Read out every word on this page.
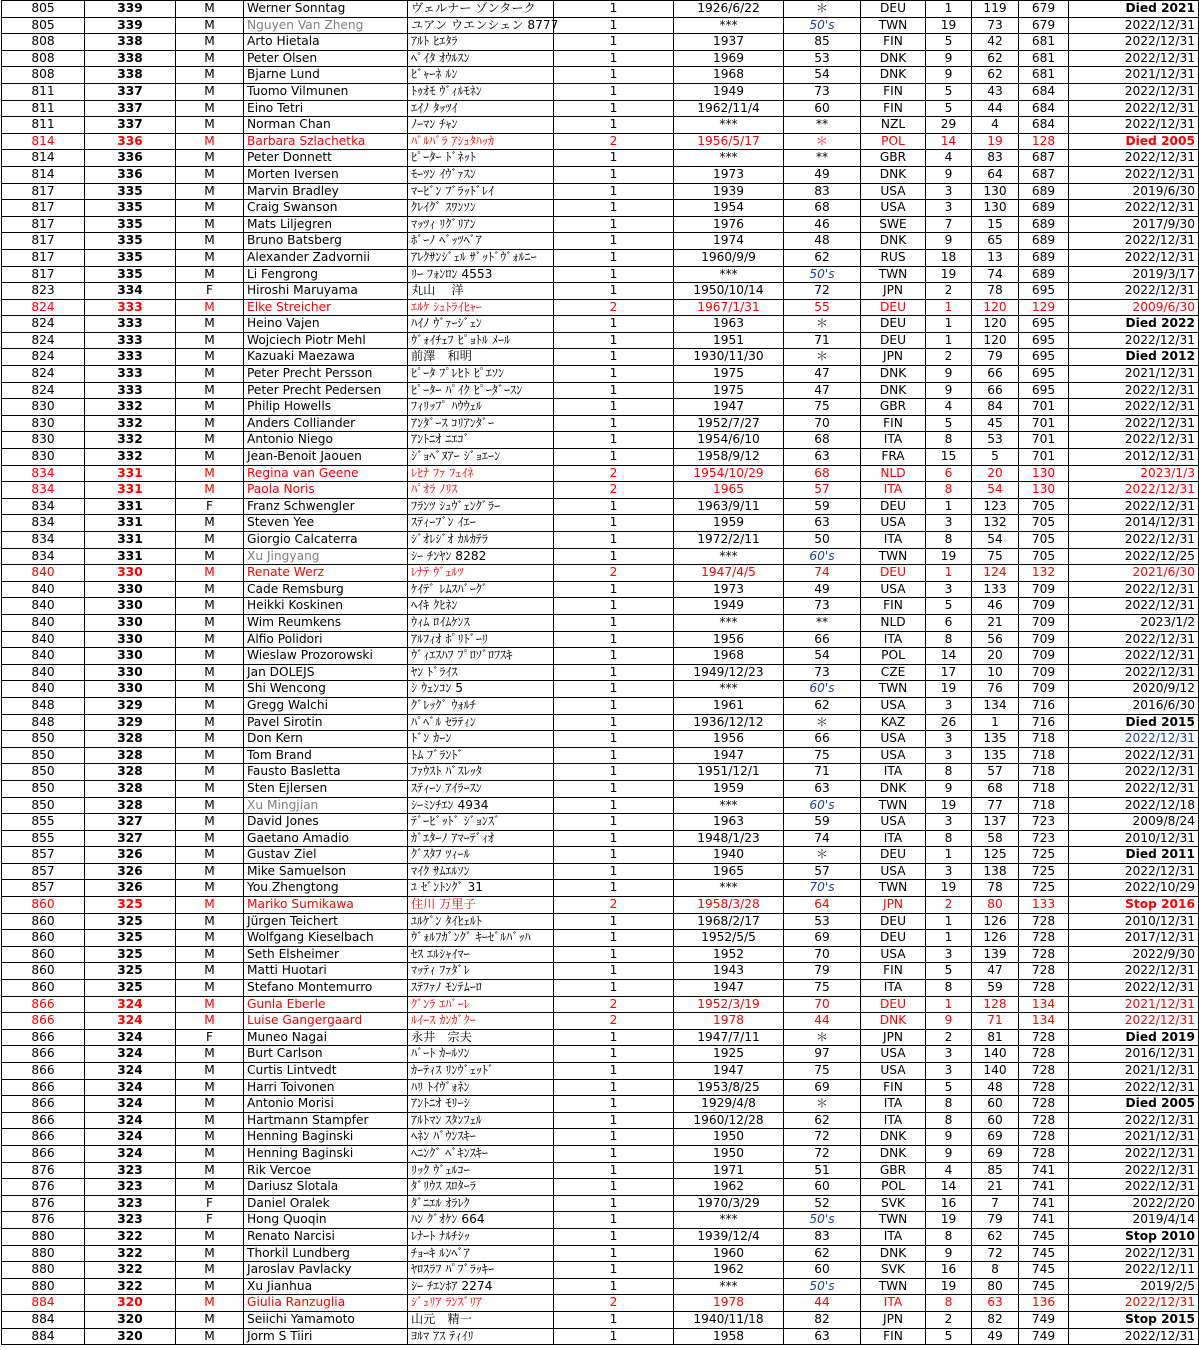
805	339	M	Werner Sonntag	ヴェルナー ゾンターク	1	1926/6/22	＊	DEU	1	119	679	Died 2021
805	339	M	Nguyen Van Zheng	ユアン ウエンシェン 8777	1	***	50's	TWN	19	73	679	2022/12/31
808	338	M	Arto Hietala	ｱﾙﾄ ﾋｴﾀﾗ	1	1937	85	FIN	5	42	681	2022/12/31
808	338	M	Peter Olsen	ﾍﾟｲﾀ ｵｳﾙｽﾝ	1	1969	53	DNK	9	62	681	2022/12/31
808	338	M	Bjarne Lund	ﾋﾞｬｰﾈ ﾙﾝ	1	1968	54	DNK	9	62	681	2021/12/31
811	337	M	Tuomo Vilmunen	ﾄｩｵﾓ ｳﾞｨﾙﾓﾈﾝ	1	1949	73	FIN	5	43	684	2022/12/31
811	337	M	Eino Tetri	ｴｲﾉ ﾀｯﾂｲ	1	1962/11/4	60	FIN	5	44	684	2022/12/31
811	337	M	Norman Chan	ﾉｰﾏﾝ ﾁｬﾝ	1	***	**	NZL	29	4	684	2022/12/31
814	336	M	Barbara Szlachetka	ﾊﾞﾙﾊﾞﾗ ｱｼｭﾀﾊｯｶ	2	1956/5/17	＊	POL	14	19	128	Died 2005
814	336	M	Peter Donnett	ﾋﾟｰﾀｰ ﾄﾞﾈｯﾄ	1	***	**	GBR	4	83	687	2022/12/31
814	336	M	Morten Iversen	ﾓｰﾂﾝ ｲｳﾞｧｽﾝ	1	1973	49	DNK	9	64	687	2022/12/31
817	335	M	Marvin Bradley	ﾏｰﾋﾞﾝ ﾌﾞﾗｯﾄﾞﾚｲ	1	1939	83	USA	3	130	689	2019/6/30
817	335	M	Craig Swanson	ｸﾚｲｸﾞ ｽﾜﾝｿﾝ	1	1954	68	USA	3	130	689	2022/12/31
817	335	M	Mats Liljegren	ﾏｯﾂｨ ﾘｸﾞﾘｱﾝ	1	1976	46	SWE	7	15	689	2017/9/30
817	335	M	Bruno Batsberg	ﾎﾞｰﾉ ﾍﾞｯﾂﾍﾞｱ	1	1974	48	DNK	9	65	689	2022/12/31
817	335	M	Alexander Zadvornii	ｱﾚｸｻﾝｼﾞｪﾙ ｻﾞｯﾄﾞｳﾞｫﾙﾆｰ	1	1960/9/9	62	RUS	18	13	689	2022/12/31
817	335	M	Li Fengrong	ﾘｰ ﾌｫﾝﾛﾝ 4553	1	***	50's	TWN	19	74	689	2019/3/17
823	334	F	Hiroshi Maruyama	丸山　 洋	1	1950/10/14	72	JPN	2	78	695	2022/12/31
824	333	M	Elke Streicher	ｴﾙｹ ｼｭﾄﾗｲﾋｬｰ	2	1967/1/31	55	DEU	1	120	129	2009/6/30
824	333	M	Heino Vajen	ﾊｲﾉ ｳﾞｧｰｼﾞｪﾝ	1	1963	＊	DEU	1	120	695	Died 2022
824	333	M	Wojciech Piotr Mehl	ｳﾞｫｲﾁｪﾌ ﾋﾟｮﾄﾙ ﾒｰﾙ	1	1951	71	DEU	1	120	695	2022/12/31
824	333	M	Kazuaki Maezawa	前澤　和明	1	1930/11/30	＊	JPN	2	79	695	Died 2012
824	333	M	Peter Precht Persson	ﾋﾟｰﾀ ﾌﾟﾚﾋﾄ ﾋﾟｴｿﾝ	1	1975	47	DNK	9	66	695	2021/12/31
824	333	M	Peter Precht Pedersen	ﾋﾟｰﾀｰ ﾊﾟｲｸ ﾋﾟｰﾀﾞｰｽﾝ	1	1975	47	DNK	9	66	695	2022/12/31
830	332	M	Philip Howells	ﾌｨﾘｯﾌﾟ ﾊｳｳｪﾙ	1	1947	75	GBR	4	84	701	2022/12/31
830	332	M	Anders Colliander	ｱﾝﾀﾞｰｽ ｺﾘｱﾝﾀﾞｰ	1	1952/7/27	70	FIN	5	45	701	2022/12/31
830	332	M	Antonio Niego	ｱﾝﾄﾆｵ ﾆｴｺﾞ	1	1954/6/10	68	ITA	8	53	701	2022/12/31
830	332	M	Jean-Benoit Jaouen	ｼﾞｮﾍﾞﾇｱｰ ｼﾞｮｴｰﾝ	1	1958/9/12	63	FRA	15	5	701	2012/12/31
834	331	M	Regina van Geene	ﾚﾋﾅ ﾌｧ ﾌｪｲﾈ	2	1954/10/29	68	NLD	6	20	130	2023/1/3
834	331	M	Paola Noris	ﾊﾟｵﾗ ﾉﾘｽ	2	1965	57	ITA	8	54	130	2022/12/31
834	331	F	Franz Schwengler	ﾌﾗﾝﾂ ｼｭｳﾞｪﾝｸﾞﾗｰ	1	1963/9/11	59	DEU	1	123	705	2022/12/31
834	331	M	Steven Yee	ｽﾃｨｰﾌﾞﾝ ｲｴｰ	1	1959	63	USA	3	132	705	2014/12/31
834	331	M	Giorgio Calcaterra	ｼﾞｵﾚｼﾞｵ ｶﾙｶﾃﾗ	1	1972/2/11	50	ITA	8	54	705	2022/12/31
834	331	M	Xu Jingyang	ｼｰ ﾁﾝﾔﾝ 8282	1	***	60's	TWN	19	75	705	2022/12/25
840	330	M	Renate Werz	ﾚﾅﾃ ｳﾞｪﾙﾂ	2	1947/4/5	74	DEU	1	124	132	2021/6/30
840	330	M	Cade Remsburg	ｹｲﾃﾞ ﾚﾑｽﾊﾞｰｸﾞ	1	1973	49	USA	3	133	709	2022/12/31
840	330	M	Heikki Koskinen	ﾍｲｷ ｸﾋﾈﾝ	1	1949	73	FIN	5	46	709	2022/12/31
840	330	M	Wim Reumkens	ｳｨﾑ ﾛｲﾑｹﾝｽ	1	***	**	NLD	6	21	709	2023/1/2
840	330	M	Alfio Polidori	ｱﾙﾌｨｵ ﾎﾟﾘﾄﾞｰﾘ	1	1956	66	ITA	8	56	709	2022/12/31
840	330	M	Wieslaw Prozorowski	ｳﾞｨｴｽﾊﾌ ﾌﾟﾛｿﾞﾛﾌｽｷ	1	1968	54	POL	14	20	709	2022/12/31
840	330	M	Jan DOLEJS	ﾔﾝ ﾄﾞﾗｲｽ	1	1949/12/23	73	CZE	17	10	709	2022/12/31
840	330	M	Shi Wencong	ｼ ｳｪﾝｺﾝ 5	1	***	60's	TWN	19	76	709	2020/9/12
848	329	M	Gregg Walchi	ｸﾞﾚｯｸﾞ ｳｫﾙﾁ	1	1961	62	USA	3	134	716	2016/6/30
848	329	M	Pavel Sirotin	ﾊﾟﾍﾞﾙ ｾﾗﾃｨﾝ	1	1936/12/12	＊	KAZ	26	1	716	Died 2015
850	328	M	Don Kern	ﾄﾞﾝ ｶｰﾝ	1	1956	66	USA	3	135	718	2022/12/31
850	328	M	Tom Brand	ﾄﾑ ﾌﾞﾗﾝﾄﾞ	1	1947	75	USA	3	135	718	2022/12/31
850	328	M	Fausto Basletta	ﾌｧｳｽﾄ ﾊﾞｽﾚｯﾀ	1	1951/12/1	71	ITA	8	57	718	2022/12/31
850	328	M	Sten Ejlersen	ｽﾃｨｰﾝ ｱｲﾗｰｽﾝ	1	1959	63	DNK	9	68	718	2022/12/31
850	328	M	Xu Mingjian	ｼｰﾐﾝﾁｴﾝ 4934	1	***	60's	TWN	19	77	718	2022/12/18
855	327	M	David Jones	ﾃﾞｰﾋﾞｯﾄﾞ ｼﾞｮﾝｽﾞ	1	1963	59	USA	3	137	723	2009/8/24
855	327	M	Gaetano Amadio	ｶﾞｴﾀｰﾉ ｱﾏｰﾃﾞｨｵ	1	1948/1/23	74	ITA	8	58	723	2010/12/31
857	326	M	Gustav Ziel	ｸﾞｽﾀﾌ ﾂｨｰﾙ	1	1940	＊	DEU	1	125	725	Died 2011
857	326	M	Mike Samuelson	ﾏｲｸ ｻﾑｴﾙｿﾝ	1	1965	57	USA	3	138	725	2022/12/31
857	326	M	You Zhengtong	ﾕ ｾﾞﾝﾄﾝｸﾞ 31	1	***	70's	TWN	19	78	725	2022/10/29
860	325	M	Mariko Sumikawa	住川 万里子	2	1958/3/28	64	JPN	2	80	133	Stop 2016
860	325	M	Jürgen Teichert	ﾕﾙｹﾞﾝ ﾀｲﾋｪﾙﾄ	1	1968/2/17	53	DEU	1	126	728	2010/12/31
860	325	M	Wolfgang Kieselbach	ｳﾞｫﾙﾌｶﾞﾝｸﾞ ｷｰｾﾞﾙﾊﾞｯﾊ	1	1952/5/5	69	DEU	1	126	728	2017/12/31
860	325	M	Seth Elsheimer	ｾｽ ｴﾙｼｬｲﾏｰ	1	1952	70	USA	3	139	728	2022/9/30
860	325	M	Matti Huotari	ﾏｯﾃｨ ﾌｧﾀﾞﾚ	1	1943	79	FIN	5	47	728	2022/12/31
860	325	M	Stefano Montemurro	ｽﾃﾌｧﾉ ﾓﾝﾃﾑｰﾛ	1	1947	75	ITA	8	59	728	2022/12/31
866	324	M	Gunla Eberle	ｸﾞﾝﾗ ｴﾊﾞｰﾚ	2	1952/3/19	70	DEU	1	128	134	2021/12/31
866	324	M	Luise Gangergaard	ﾙｲｰｽ ｶﾝｶﾞｸｰ	2	1978	44	DNK	9	71	134	2022/12/31
866	324	F	Muneo Nagai	永井　宗夫	1	1947/7/11	＊	JPN	2	81	728	Died 2019
866	324	M	Burt Carlson	ﾊﾞｰﾄ ｶｰﾙｿﾝ	1	1925	97	USA	3	140	728	2016/12/31
866	324	M	Curtis Lintvedt	ｶｰﾃｨｽ ﾘﾝｳﾞｪｯﾄﾞ	1	1947	75	USA	3	140	728	2021/12/31
866	324	M	Harri Toivonen	ﾊﾘ ﾄｲｳﾞｫﾈﾝ	1	1953/8/25	69	FIN	5	48	728	2022/12/31
866	324	M	Antonio Morisi	ｱﾝﾄﾆｵ ﾓﾘｰｼ	1	1929/4/8	＊	ITA	8	60	728	Died 2005
866	324	M	Hartmann Stampfer	ｱﾙﾄﾏﾝ ｽﾀﾝﾌｪﾙ	1	1960/12/28	62	ITA	8	60	728	2022/12/31
866	324	M	Henning Baginski	ﾍﾈﾝ ﾊﾞｳﾝｽｷｰ	1	1950	72	DNK	9	69	728	2021/12/31
866	324	M	Henning Baginski	ﾍﾆﾝｸﾞ ﾍﾞｷﾝｽｷｰ	1	1950	72	DNK	9	69	728	2022/12/31
876	323	M	Rik Vercoe	ﾘｯｸ ｳﾞｪﾙｺｰ	1	1971	51	GBR	4	85	741	2022/12/31
876	323	M	Dariusz Slotala	ﾀﾞﾘｳｽ ｽﾛﾀｰﾗ	1	1962	60	POL	14	21	741	2022/12/31
876	323	F	Daniel Oralek	ﾀﾞﾆｴﾙ ｵﾗﾚｸ	1	1970/3/29	52	SVK	16	7	741	2022/2/20
876	323	F	Hong Quoqin	ﾊﾝ ｸﾞｵｹﾝ 664	1	***	50's	TWN	19	79	741	2019/4/14
880	322	M	Renato Narcisi	ﾚﾅｰﾄ ﾅﾙﾁｼｯ	1	1939/12/4	83	ITA	8	62	745	Stop 2010
880	322	M	Thorkil Lundberg	ﾁｮｰｷ ﾙﾝﾍﾞｱ	1	1960	62	DNK	9	72	745	2022/12/31
880	322	M	Jaroslav Pavlacky	ﾔﾛｽﾗﾌ ﾊﾟﾌﾞﾗｯｷｰ	1	1962	60	SVK	16	8	745	2022/12/11
880	322	M	Xu Jianhua	ｼｰ ﾁｴﾝﾎｱ 2274	1	***	50's	TWN	19	80	745	2019/2/5
884	320	M	Giulia Ranzuglia	ｼﾞｭﾘｱ ﾗﾝｽﾞﾘｱ	2	1978	44	ITA	8	63	136	2022/12/31
884	320	M	Seiichi Yamamoto	山元　精一	1	1940/11/18	82	JPN	2	82	749	Stop 2015
884	320	M	Jorm S Tiiri	ﾖﾙﾏ ｱｽ ﾃｨｲﾘ	1	1958	63	FIN	5	49	749	2022/12/31
